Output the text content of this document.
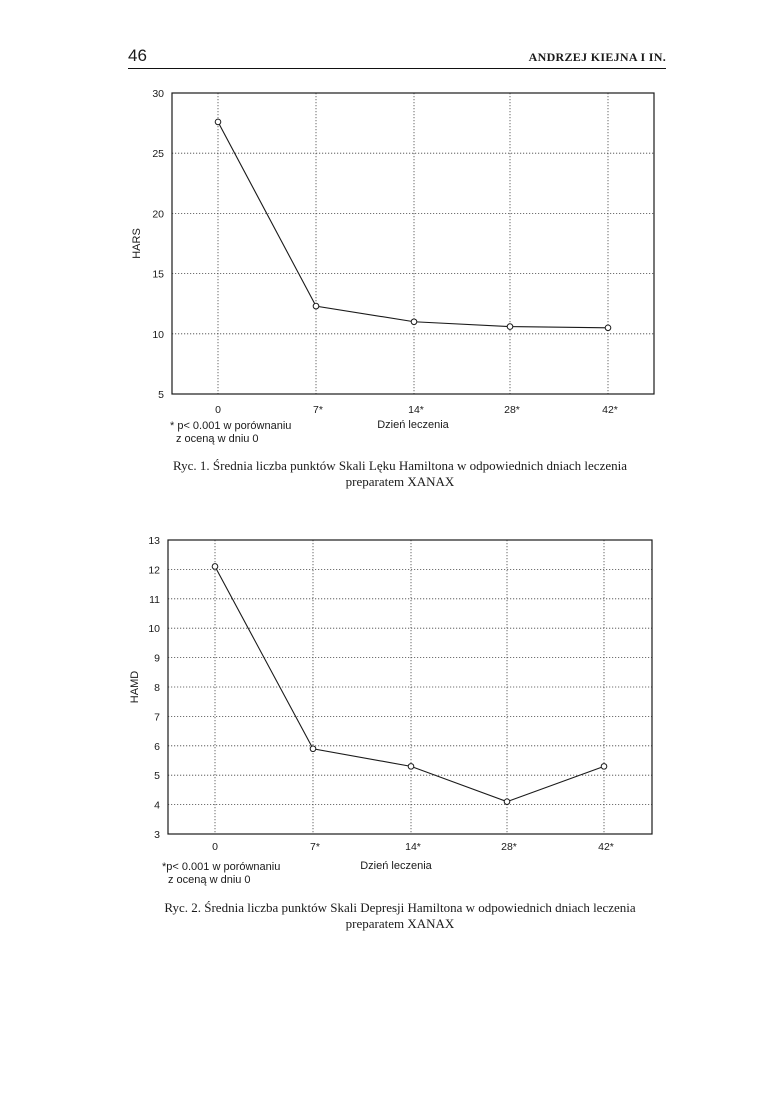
46	ANDRZEJ KIEJNA I IN.
5
10
15
20
25
30
0	7*	14*	28*	42*
HARS
Dzień leczenia
* p< 0.001 w porównaniu
z oceną w dniu 0
Ryc. 1. Średnia liczba punktów Skali Lęku Hamiltona w odpowiednich dniach leczenia
preparatem XANAX
3
4
5
6
7
8
9
10
11
12
13
0	7*	14*	28*	42*
HAMD
Dzień leczenia
*p< 0.001 w porównaniu
z oceną w dniu 0
Ryc. 2. Średnia liczba punktów Skali Depresji Hamiltona w odpowiednich dniach leczenia
preparatem XANAX
